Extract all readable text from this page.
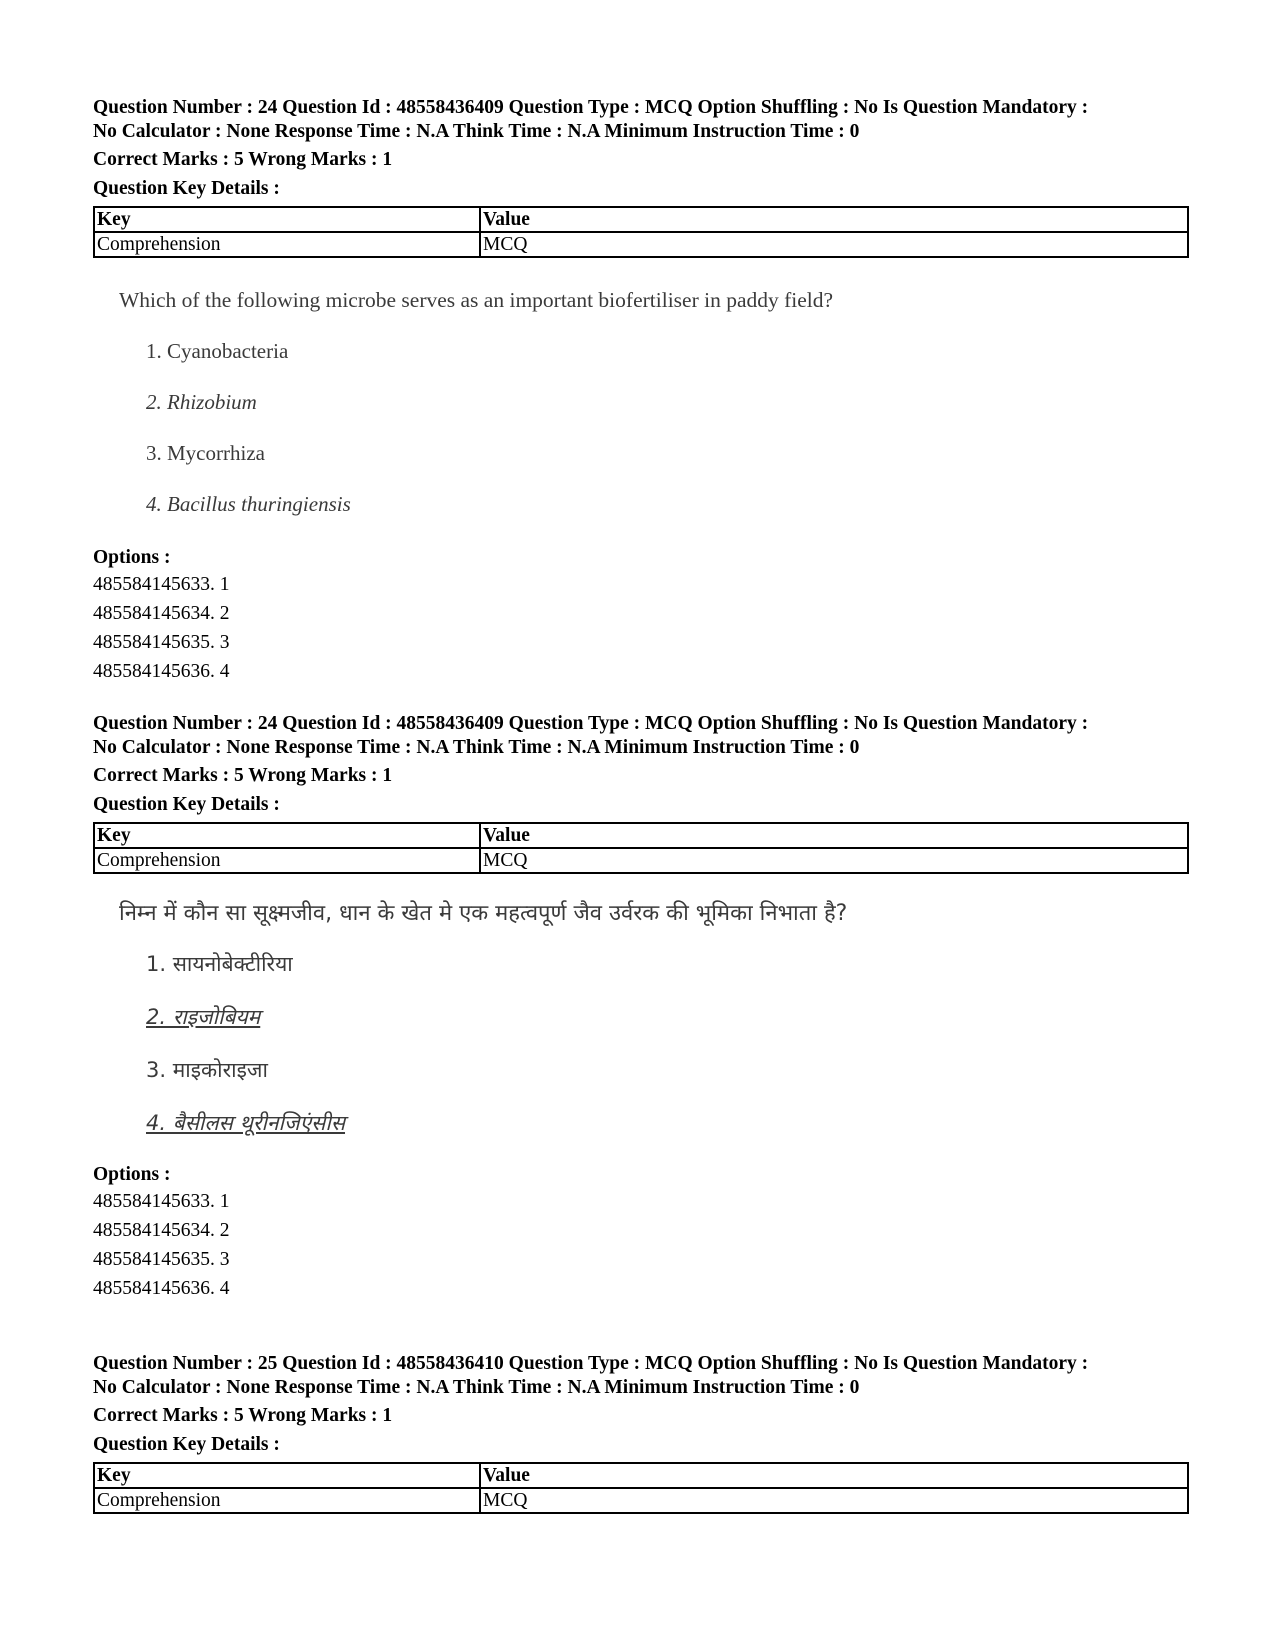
Question Number : 24 Question Id : 48558436409 Question Type : MCQ Option Shuffling : No Is Question Mandatory :
No Calculator : None Response Time : N.A Think Time : N.A Minimum Instruction Time : 0
Correct Marks : 5 Wrong Marks : 1
Question Key Details :
Key	Value
Comprehension	MCQ
Which of the following microbe serves as an important biofertiliser in paddy field?
1. Cyanobacteria
2. Rhizobium
3. Mycorrhiza
4. Bacillus thuringiensis
Options :
485584145633. 1
485584145634. 2
485584145635. 3
485584145636. 4
Question Number : 24 Question Id : 48558436409 Question Type : MCQ Option Shuffling : No Is Question Mandatory :
No Calculator : None Response Time : N.A Think Time : N.A Minimum Instruction Time : 0
Correct Marks : 5 Wrong Marks : 1
Question Key Details :
Key	Value
Comprehension	MCQ
निम्न में कौन सा सूक्ष्मजीव, धान के खेत मे एक महत्वपूर्ण जैव उर्वरक की भूमिका निभाता है?
1. सायनोबेक्टीरिया
2. राइजोबियम
3. माइकोराइजा
4. बैसीलस थूरीनजिएंसीस
Options :
485584145633. 1
485584145634. 2
485584145635. 3
485584145636. 4
Question Number : 25 Question Id : 48558436410 Question Type : MCQ Option Shuffling : No Is Question Mandatory :
No Calculator : None Response Time : N.A Think Time : N.A Minimum Instruction Time : 0
Correct Marks : 5 Wrong Marks : 1
Question Key Details :
Key	Value
Comprehension	MCQ
